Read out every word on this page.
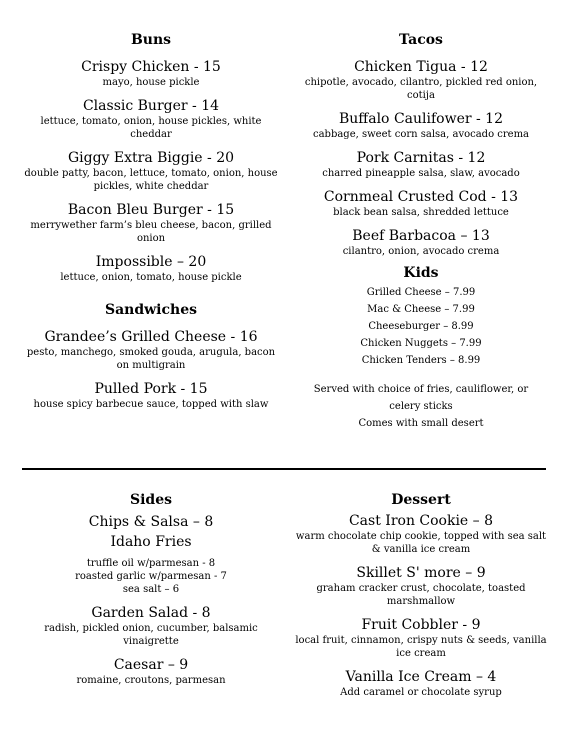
Buns
Crispy Chicken - 15
mayo, house pickle
Classic Burger - 14
lettuce, tomato, onion, house pickles, white cheddar
Giggy Extra Biggie - 20
double patty, bacon, lettuce, tomato, onion, house pickles, white cheddar
Bacon Bleu Burger - 15
merrywether farm’s bleu cheese, bacon, grilled onion
Impossible – 20
lettuce, onion, tomato, house pickle
Sandwiches
Grandee’s Grilled Cheese - 16
pesto, manchego, smoked gouda, arugula, bacon on multigrain
Pulled Pork - 15
house spicy barbecue sauce, topped with slaw
Tacos
Chicken Tigua - 12
chipotle, avocado, cilantro, pickled red onion, cotija
Buffalo Caulifower - 12
cabbage, sweet corn salsa, avocado crema
Pork Carnitas - 12
charred pineapple salsa, slaw, avocado
Cornmeal Crusted Cod - 13
black bean salsa, shredded lettuce
Beef Barbacoa – 13
cilantro, onion, avocado crema
Kids
Grilled Cheese – 7.99
Mac & Cheese – 7.99
Cheeseburger – 8.99
Chicken Nuggets – 7.99
Chicken Tenders – 8.99
Served with choice of fries, cauliflower, or celery sticks
Comes with small desert
Sides
Chips & Salsa – 8
Idaho Fries
truffle oil w/parmesan - 8
roasted garlic w/parmesan - 7
sea salt – 6
Garden Salad - 8
radish, pickled onion, cucumber, balsamic vinaigrette
Caesar – 9
romaine, croutons, parmesan
Dessert
Cast Iron Cookie – 8
warm chocolate chip cookie, topped with sea salt & vanilla ice cream
Skillet S' more – 9
graham cracker crust, chocolate, toasted marshmallow
Fruit Cobbler - 9
local fruit, cinnamon, crispy nuts & seeds, vanilla ice cream
Vanilla Ice Cream – 4
Add caramel or chocolate syrup
